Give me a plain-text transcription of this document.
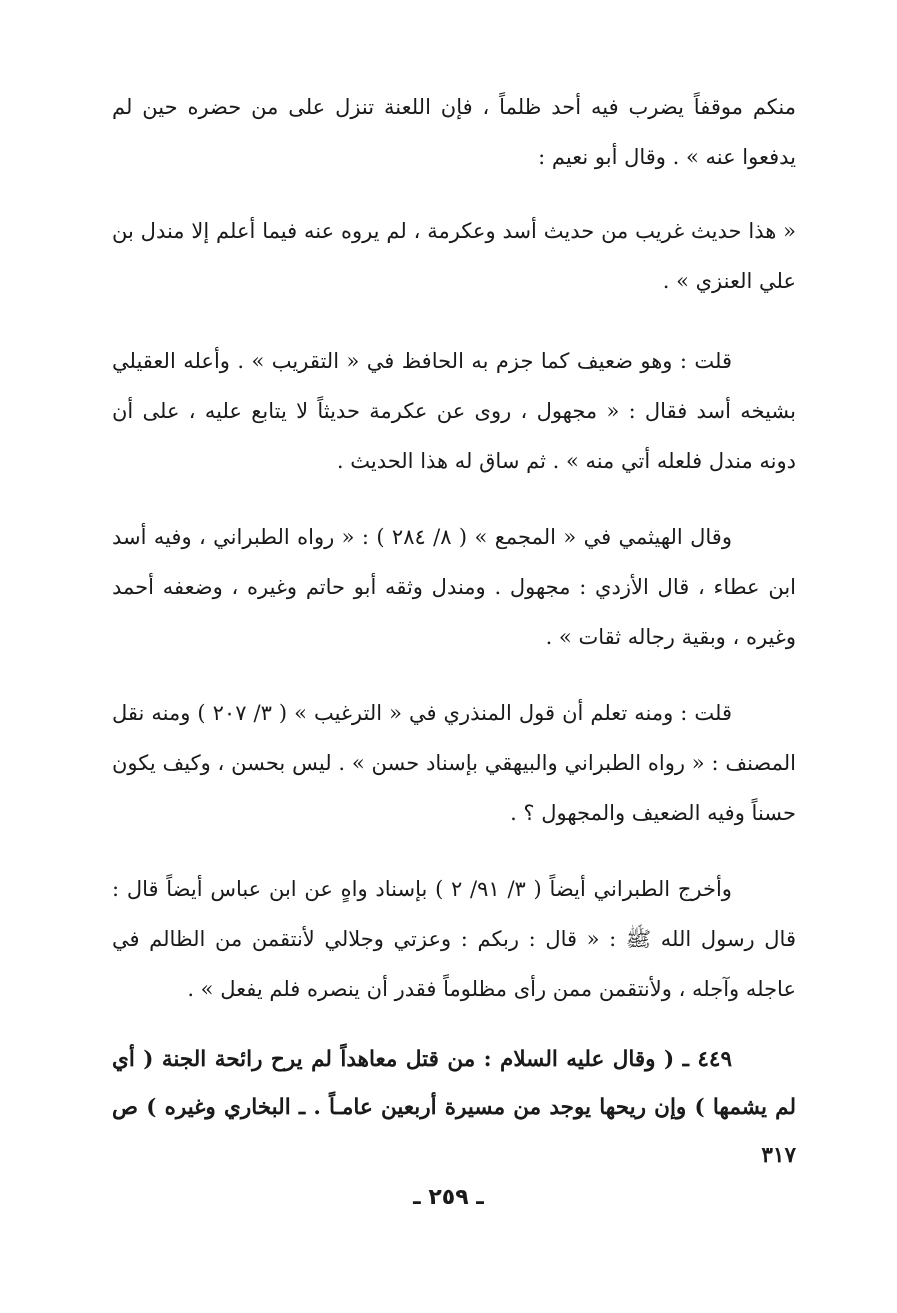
منكم موقفاً يضرب فيه أحد ظلماً ، فإن اللعنة تنزل على من حضره حين لم يدفعوا عنه » . وقال أبو نعيم :

« هذا حديث غريب من حديث أسد وعكرمة ، لم يروه عنه فيما أعلم إلا مندل بن علي العنزي » .

قلت : وهو ضعيف كما جزم به الحافظ في « التقريب » . وأعله العقيلي بشيخه أسد فقال : « مجهول ، روى عن عكرمة حديثاً لا يتابع عليه ، على أن دونه مندل فلعله أتي منه » . ثم ساق له هذا الحديث .

وقال الهيثمي في « المجمع » ( ٨/ ٢٨٤ ) : « رواه الطبراني ، وفيه أسد ابن عطاء ، قال الأزدي : مجهول . ومندل وثقه أبو حاتم وغيره ، وضعفه أحمد وغيره ، وبقية رجاله ثقات » .

قلت : ومنه تعلم أن قول المنذري في « الترغيب » ( ٣/ ٢٠٧ ) ومنه نقل المصنف : « رواه الطبراني والبيهقي بإسناد حسن » . ليس بحسن ، وكيف يكون حسناً وفيه الضعيف والمجهول ؟ .

وأخرج الطبراني أيضاً ( ٣/ ٩١/ ٢ ) بإسناد واهٍ عن ابن عباس أيضاً قال : قال رسول الله ﷺ : « قال : ربكم : وعزتي وجلالي لأنتقمن من الظالم في عاجله وآجله ، ولأنتقمن ممن رأى مظلوماً فقدر أن ينصره فلم يفعل » .

٤٤٩ ـ ( وقال عليه السلام : من قتل معاهداً لم يرح رائحة الجنة ( أي لم يشمها ) وإن ريحها يوجد من مسيرة أربعين عامـاً . ـ البخاري وغيره ) ص ٣١٧

ـ ٢٥٩ ـ
